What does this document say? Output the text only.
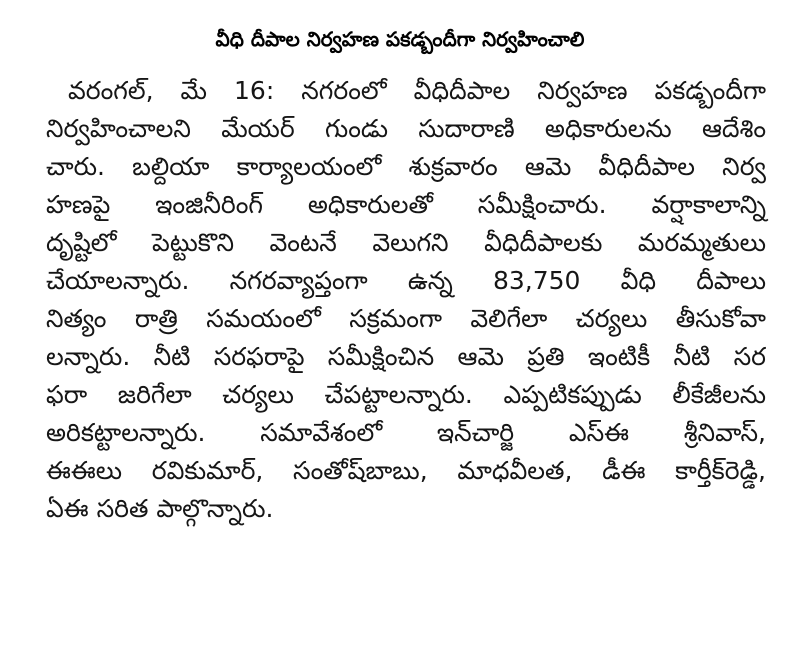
వీధి దీపాల నిర్వహణ పకడ్బందీగా నిర్వహించాలి
వరంగల్, మే 16: నగరంలో వీధిదీపాల నిర్వహణ పకడ్బందీగా
నిర్వహించాలని మేయర్ గుండు సుదారాణి అధికారులను ఆదేశిం
చారు. బల్దియా కార్యాలయంలో శుక్రవారం ఆమె వీధిదీపాల నిర్వ
హణపై ఇంజినీరింగ్ అధికారులతో సమీక్షించారు. వర్షాకాలాన్ని
దృష్టిలో పెట్టుకొని వెంటనే వెలుగని వీధిదీపాలకు మరమ్మతులు
చేయాలన్నారు. నగరవ్యాప్తంగా ఉన్న 83,750 వీధి దీపాలు
నిత్యం రాత్రి సమయంలో సక్రమంగా వెలిగేలా చర్యలు తీసుకోవా
లన్నారు. నీటి సరఫరాపై సమీక్షించిన ఆమె ప్రతి ఇంటికీ నీటి సర
ఫరా జరిగేలా చర్యలు చేపట్టాలన్నారు. ఎప్పటికప్పుడు లీకేజీలను
అరికట్టాలన్నారు. సమావేశంలో ఇన్‌చార్జి ఎస్ఈ శ్రీనివాస్,
ఈఈలు రవికుమార్, సంతోష్‌బాబు, మాధవీలత, డీఈ కార్తీక్‌రెడ్డి,
ఏఈ సరిత పాల్గొన్నారు.
